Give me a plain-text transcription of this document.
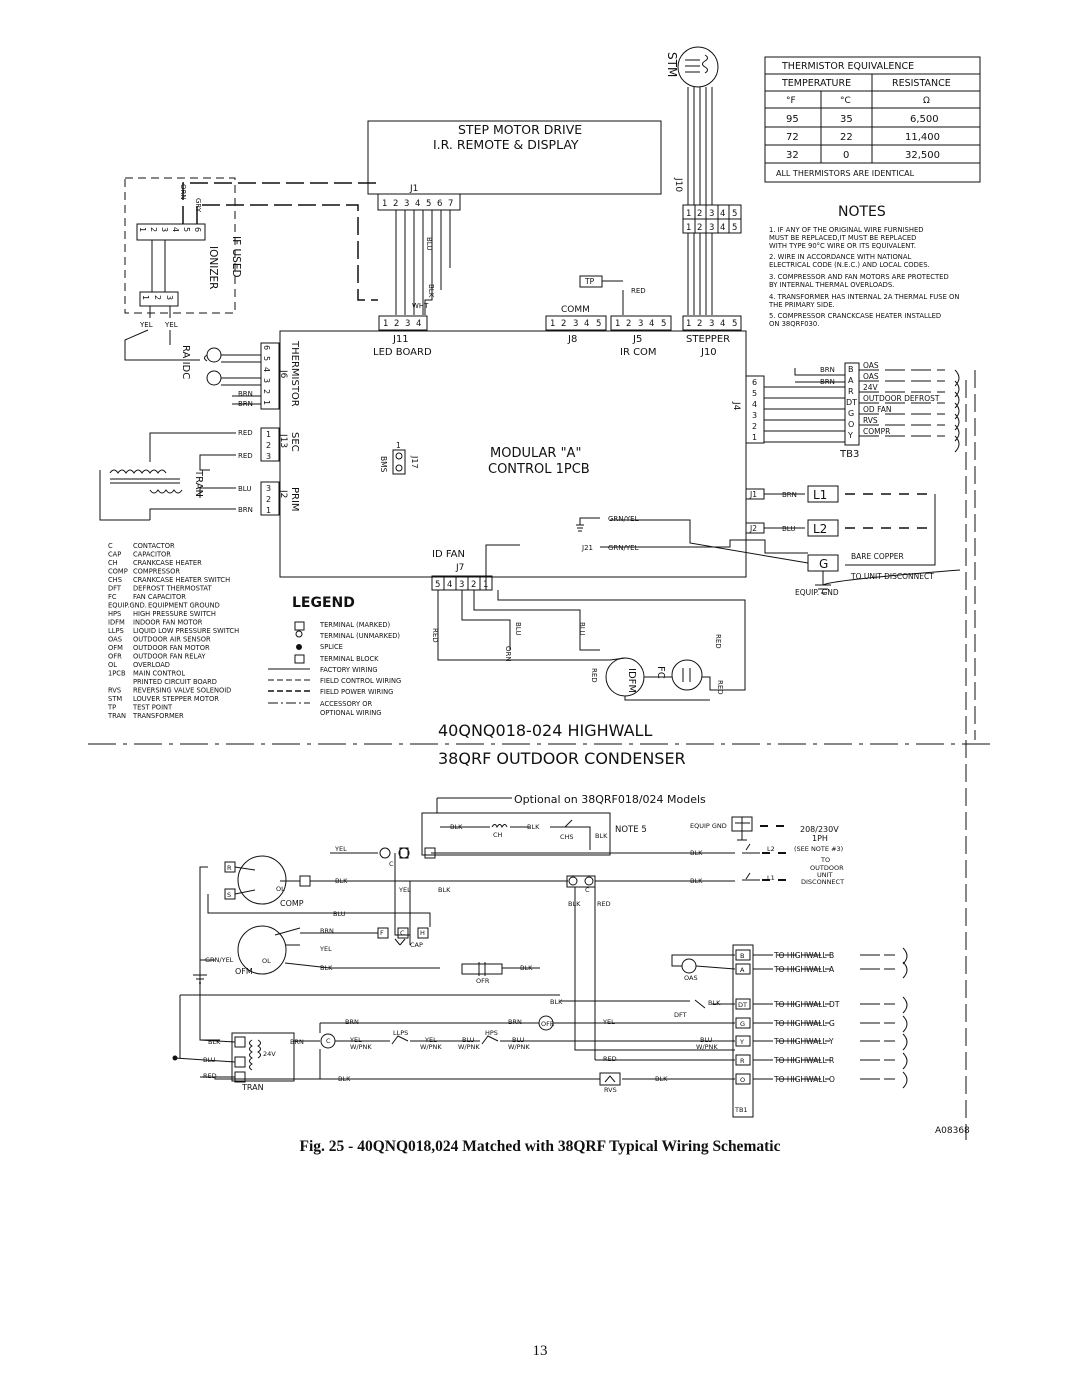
STM
STEP MOTOR DRIVE
I.R. REMOTE & DISPLAY
THERMISTOR EQUIVALENCE
TEMPERATURE	RESISTANCE
°F	°C	Ω
95	35	6,500
72	22	11,400
32	0	32,500
ALL THERMISTORS ARE IDENTICAL
NOTES
1. IF ANY OF THE ORIGINAL WIRE FURNISHED
MUST BE REPLACED,IT MUST BE REPLACED
WITH TYPE 90°C WIRE OR ITS EQUIVALENT.
2. WIRE IN ACCORDANCE WITH NATIONAL
ELECTRICAL CODE (N.E.C.) AND LOCAL CODES.
3. COMPRESSOR AND FAN MOTORS ARE PROTECTED
BY INTERNAL THERMAL OVERLOADS.
4. TRANSFORMER HAS INTERNAL 2A THERMAL FUSE ON
THE PRIMARY SIDE.
5. COMPRESSOR CRANCKCASE HEATER INSTALLED
ON 38QRF030.
J1
1 2 3 4 5 6 7
J10
1 2 3 4 5
1 2 3 4 5
IONIZER IF USED
1 2 3 4 5 6
1 2 3
ORN
GRY
BLU
BLK
WHT
RED
YEL YEL
TP
COMM
1 2 3 4	1 2 3 4 5 1 2 3 4 5 1 2 3 4 5
J11
LED BOARD
J8	J5
IR COM
STEPPER
J10
RA IDC	THERMISTOR
J6
6
5
4
3
2
1
BRN
BRN
SEC
J13
1
2
3
RED
RED
TRAN
PRIM
J2
3
2
1
BLU
BRN
J17
BMS
1
MODULAR "A"
CONTROL 1PCB
J4
6
5
4
3
2
1
BRN
BRN
B
A
R
DT
G
O
Y
OAS
OAS
24V
OUTDOOR DEFROST
OD FAN
RVS
COMPR
TB3
J1	BRN L1
J2	BLU L2
G
GRN/YEL
J21 GRN/YEL
BARE COPPER
TO UNIT DISCONNECT
EQUIP. GND
ID FAN
J7
5 4 3 2 1
RED	BLU	BLU
ORN
RED
RED
RED
IDFM FC
LEGEND
C	CONTACTOR
CAP CAPACITOR
CH CRANKCASE HEATER
COMP COMPRESSOR
CHS CRANKCASE HEATER SWITCH
DFT DEFROST THERMOSTAT
FC FAN CAPACITOR
EQUIP.GND. EQUIPMENT GROUND
HPS HIGH PRESSURE SWITCH
IDFM INDOOR FAN MOTOR
LLPS LIQUID LOW PRESSURE SWITCH
OAS OUTDOOR AIR SENSOR
OFM OUTDOOR FAN MOTOR
OFR OUTDOOR FAN RELAY
OL OVERLOAD
1PCB MAIN CONTROL
PRINTED CIRCUIT BOARD
RVS REVERSING VALVE SOLENOID
STM LOUVER STEPPER MOTOR
TP	TEST POINT
TRAN TRANSFORMER
TERMINAL (MARKED)
TERMINAL (UNMARKED)
SPLICE
TERMINAL BLOCK
FACTORY WIRING
FIELD CONTROL WIRING
FIELD POWER WIRING
ACCESSORY OR
OPTIONAL WIRING
40QNQ018-024 HIGHWALL
38QRF OUTDOOR CONDENSER
Optional on 38QRF018/024 Models
NOTE 5
BLK
CH
BLK
CHS	BLK
EQUIP GND	208/230V
1PH
(SEE NOTE #3)
TO
OUTDOOR
UNIT
DISCONNECT
L2
L1
YEL	BLK
BLK
C
BLK
YEL	BLK	C
BLK	RED
R
S
OL
COMP
BLU
BRN	F	C H
CAP
YEL
BLK
GRN/YEL	OL
OFM	BLK
OFR	OAS
BLK	BLK
DFT
BRN	BRN	OFR	YEL
LLPS	HPS
C	YEL
W/PNK
YEL
W/PNK
BLU
W/PNK
BLU
W/PNK
BLU
W/PNK
RED
BLK	BLK
RVS
BLK	BRN
BLU
RED
24V
TRAN
TB1
B
A
DT
G
Y
R
O
TO HIGHWALL B
TO HIGHWALL A
TO HIGHWALL DT
TO HIGHWALL G
TO HIGHWALL Y
TO HIGHWALL R
TO HIGHWALL O
A08368
Fig. 25 - 40QNQ018,024 Matched with 38QRF Typical Wiring Schematic
13
